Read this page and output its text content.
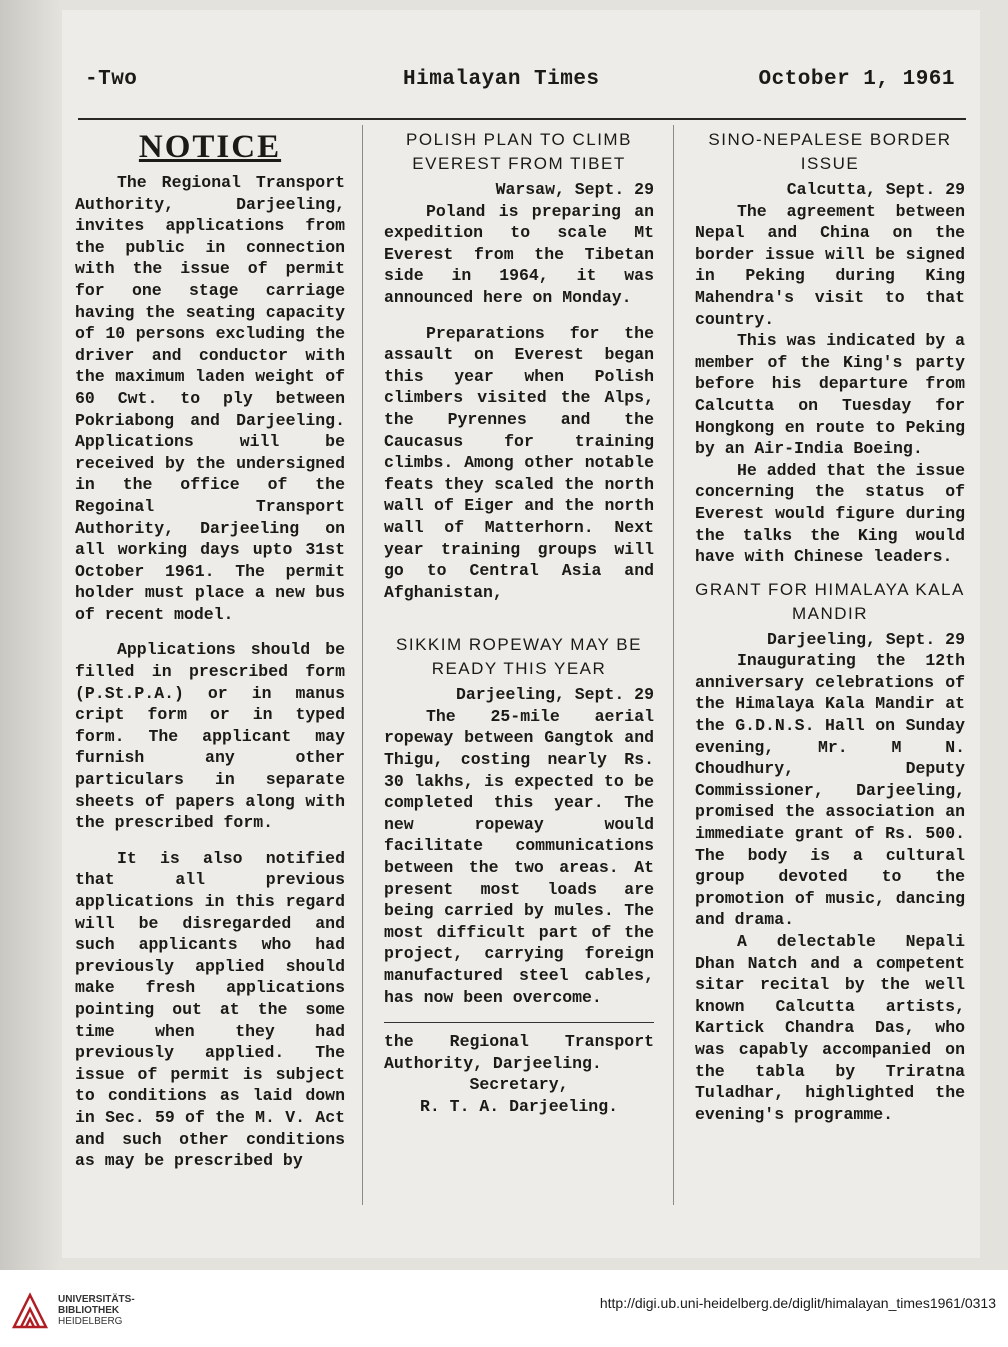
-Two	Himalayan Times	October 1, 1961
NOTICE

The Regional Transport Authority, Darjeeling, invites applications from the public in connection with the issue of permit for one stage carriage having the seating capacity of 10 persons excluding the driver and conductor with the maximum laden weight of 60 Cwt. to ply between Pokriabong and Darjeeling. Applications will be received by the undersigned in the office of the Regoinal Transport Authority, Darjeeling on all working days upto 31st October 1961. The permit holder must place a new bus of recent model.

Applications should be filled in prescribed form (P.St.P.A.) or in manus cript form or in typed form. The applicant may furnish any other particulars in separate sheets of papers along with the prescribed form.

It is also notified that all previous applications in this regard will be disregarded and such applicants who had previously applied should make fresh applications pointing out at the some time when they had previously applied. The issue of permit is subject to conditions as laid down in Sec. 59 of the M. V. Act and such other conditions as may be prescribed by

POLISH PLAN TO CLIMB EVEREST FROM TIBET

Warsaw, Sept. 29

Poland is preparing an expedition to scale Mt Everest from the Tibetan side in 1964, it was announced here on Monday.

Preparations for the assault on Everest began this year when Polish climbers visited the Alps, the Pyrennes and the Caucasus for training climbs. Among other notable feats they scaled the north wall of Eiger and the north wall of Matterhorn. Next year training groups will go to Central Asia and Afghanistan,

SIKKIM ROPEWAY MAY BE READY THIS YEAR

Darjeeling, Sept. 29

The 25-mile aerial ropeway between Gangtok and Thigu, costing nearly Rs. 30 lakhs, is expected to be completed this year. The new ropeway would facilitate communications between the two areas. At present most loads are being carried by mules. The most difficult part of the project, carrying foreign manufactured steel cables, has now been overcome.

the Regional Transport Authority, Darjeeling.

Secretary,

R. T. A. Darjeeling.

SINO-NEPALESE BORDER ISSUE

Calcutta, Sept. 29

The agreement between Nepal and China on the border issue will be signed in Peking during King Mahendra's visit to that country.

This was indicated by a member of the King's party before his departure from Calcutta on Tuesday for Hongkong en route to Peking by an Air-India Boeing.

He added that the issue concerning the status of Everest would figure during the talks the King would have with Chinese leaders.

GRANT FOR HIMALAYA KALA MANDIR

Darjeeling, Sept. 29

Inaugurating the 12th anniversary celebrations of the Himalaya Kala Mandir at the G.D.N.S. Hall on Sunday evening, Mr. M N. Choudhury, Deputy Commissioner, Darjeeling, promised the association an immediate grant of Rs. 500. The body is a cultural group devoted to the promotion of music, dancing and drama.

A delectable Nepali Dhan Natch and a competent sitar recital by the well known Calcutta artists, Kartick Chandra Das, who was capably accompanied on the tabla by Triratna Tuladhar, highlighted the evening's programme.

UNIVERSITÄTS-
BIBLIOTHEK
HEIDELBERG
http://digi.ub.uni-heidelberg.de/diglit/himalayan_times1961/0313
